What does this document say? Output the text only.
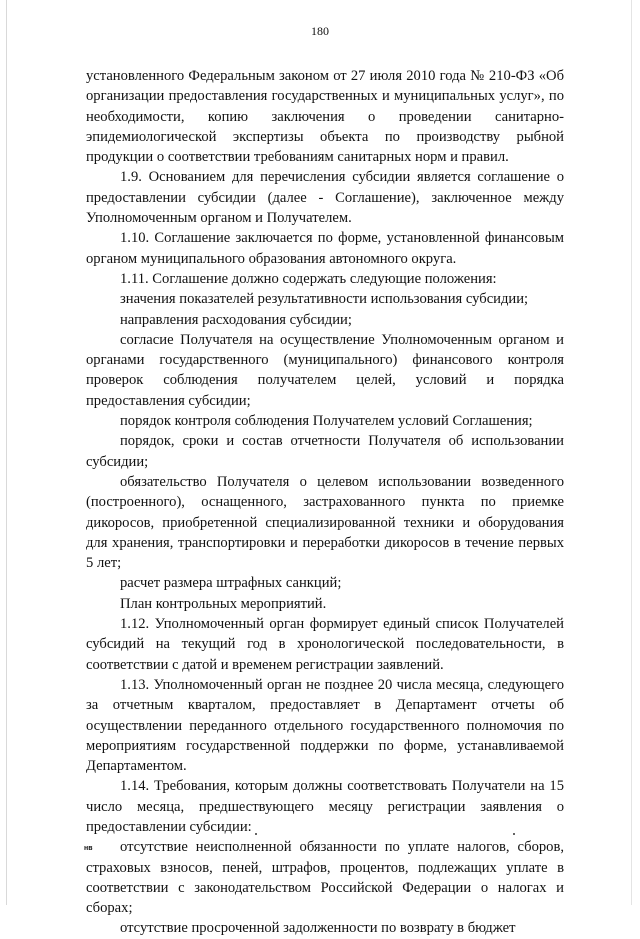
180

установленного Федеральным законом от 27 июля 2010 года № 210-ФЗ «Об организации предоставления государственных и муниципальных услуг», по необходимости, копию заключения о проведении санитарно-эпидемиологической экспертизы объекта по производству рыбной продукции о соответствии требованиям санитарных норм и правил.

1.9. Основанием для перечисления субсидии является соглашение о предоставлении субсидии (далее - Соглашение), заключенное между Уполномоченным органом и Получателем.

1.10. Соглашение заключается по форме, установленной финансовым органом муниципального образования автономного округа.

1.11. Соглашение должно содержать следующие положения:

значения показателей результативности использования субсидии;

направления расходования субсидии;

согласие Получателя на осуществление Уполномоченным органом и органами государственного (муниципального) финансового контроля проверок соблюдения получателем целей, условий и порядка предоставления субсидии;

порядок контроля соблюдения Получателем условий Соглашения;

порядок, сроки и состав отчетности Получателя об использовании субсидии;

обязательство Получателя о целевом использовании возведенного (построенного), оснащенного, застрахованного пункта по приемке дикоросов, приобретенной специализированной техники и оборудования для хранения, транспортировки и переработки дикоросов в течение первых 5 лет;

расчет размера штрафных санкций;

План контрольных мероприятий.

1.12. Уполномоченный орган формирует единый список Получателей субсидий на текущий год в хронологической последовательности, в соответствии с датой и временем регистрации заявлений.

1.13. Уполномоченный орган не позднее 20 числа месяца, следующего за отчетным кварталом, предоставляет в Департамент отчеты об осуществлении переданного отдельного государственного полномочия по мероприятиям государственной поддержки по форме, устанавливаемой Департаментом.

1.14. Требования, которым должны соответствовать Получатели на 15 число месяца, предшествующего месяцу регистрации заявления о предоставлении субсидии:

отсутствие неисполненной обязанности по уплате налогов, сборов, страховых взносов, пеней, штрафов, процентов, подлежащих уплате в соответствии с законодательством Российской Федерации о налогах и сборах;

отсутствие просроченной задолженности по возврату в бюджет

нв
